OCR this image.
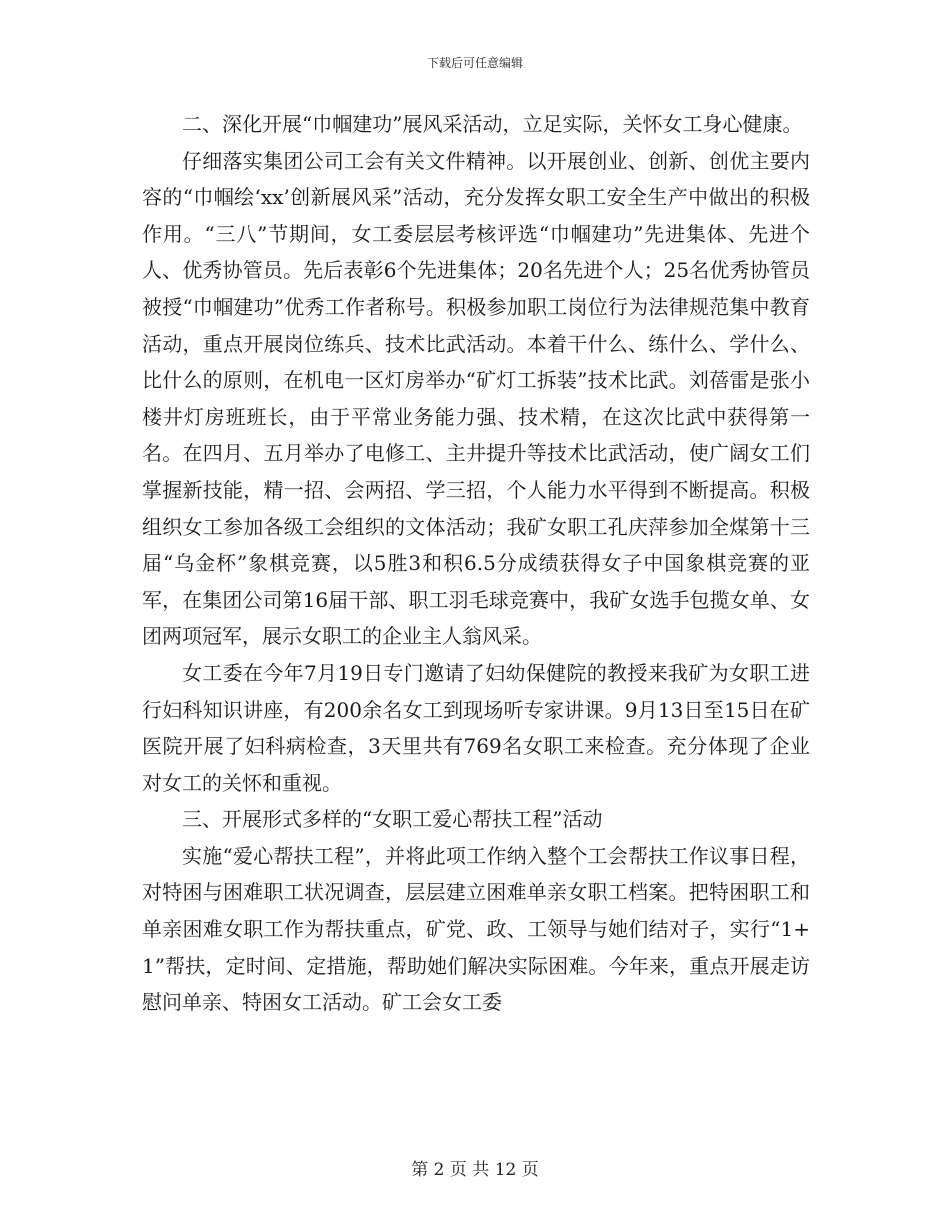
下载后可任意编辑

二、深化开展“巾帼建功”展风采活动，立足实际，关怀女工身心健康。

仔细落实集团公司工会有关文件精神。以开展创业、创新、创优主要内容的“巾帼绘‘xx’创新展风采”活动，充分发挥女职工安全生产中做出的积极作用。“三八”节期间，女工委层层考核评选“巾帼建功”先进集体、先进个人、优秀协管员。先后表彰6个先进集体；20名先进个人；25名优秀协管员被授“巾帼建功”优秀工作者称号。积极参加职工岗位行为法律规范集中教育活动，重点开展岗位练兵、技术比武活动。本着干什么、练什么、学什么、比什么的原则，在机电一区灯房举办“矿灯工拆装”技术比武。刘蓓雷是张小楼井灯房班班长，由于平常业务能力强、技术精，在这次比武中获得第一名。在四月、五月举办了电修工、主井提升等技术比武活动，使广阔女工们掌握新技能，精一招、会两招、学三招，个人能力水平得到不断提高。积极组织女工参加各级工会组织的文体活动；我矿女职工孔庆萍参加全煤第十三届“乌金杯”象棋竞赛，以5胜3和积6.5分成绩获得女子中国象棋竞赛的亚军，在集团公司第16届干部、职工羽毛球竞赛中，我矿女选手包揽女单、女团两项冠军，展示女职工的企业主人翁风采。

女工委在今年7月19日专门邀请了妇幼保健院的教授来我矿为女职工进行妇科知识讲座，有200余名女工到现场听专家讲课。9月13日至15日在矿医院开展了妇科病检查，3天里共有769名女职工来检查。充分体现了企业对女工的关怀和重视。

三、开展形式多样的“女职工爱心帮扶工程”活动

实施“爱心帮扶工程”，并将此项工作纳入整个工会帮扶工作议事日程，对特困与困难职工状况调查，层层建立困难单亲女职工档案。把特困职工和单亲困难女职工作为帮扶重点，矿党、政、工领导与她们结对子，实行“1+1”帮扶，定时间、定措施，帮助她们解决实际困难。今年来，重点开展走访慰问单亲、特困女工活动。矿工会女工委

第 2 页 共 12 页
